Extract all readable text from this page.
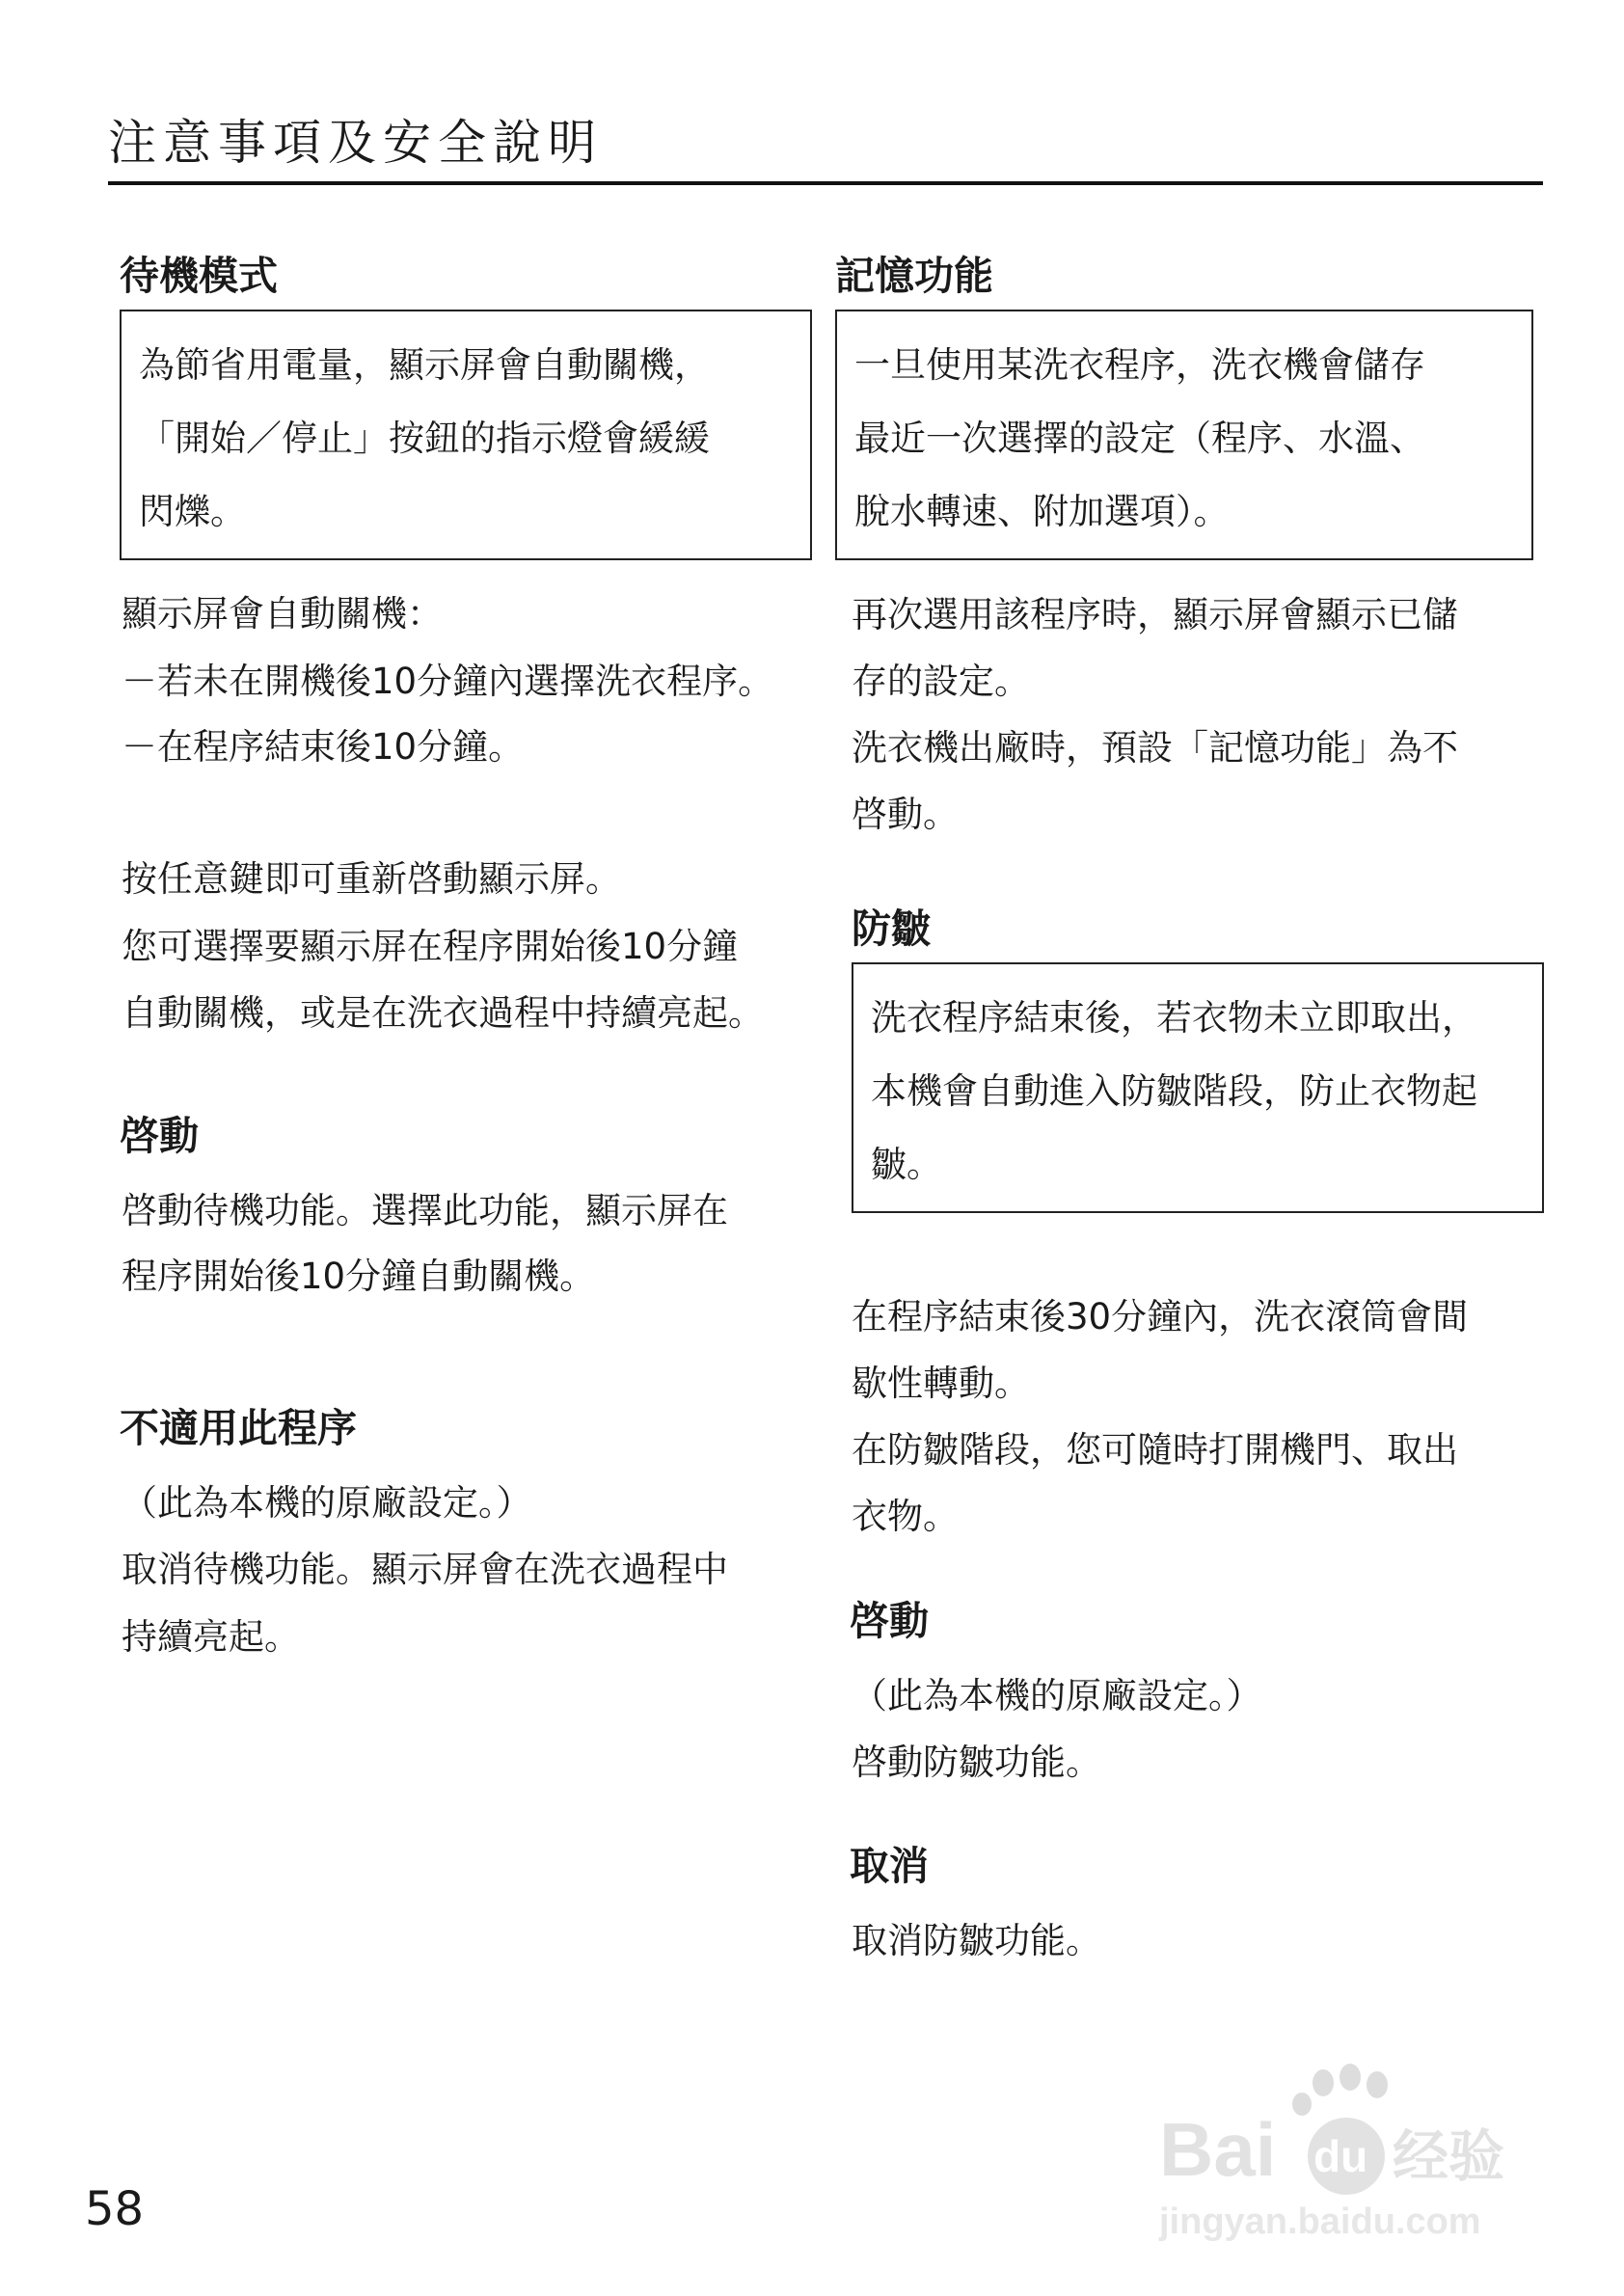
注意事項及安全說明
待機模式
為節省用電量，顯示屏會自動關機，
「開始／停止」按鈕的指示燈會緩緩
閃爍。
顯示屏會自動關機：
－若未在開機後10分鐘內選擇洗衣程序。
－在程序結束後10分鐘。
按任意鍵即可重新啓動顯示屏。
您可選擇要顯示屏在程序開始後10分鐘
自動關機，或是在洗衣過程中持續亮起。
啓動
啓動待機功能。選擇此功能，顯示屏在
程序開始後10分鐘自動關機。
不適用此程序
（此為本機的原廠設定。）
取消待機功能。顯示屏會在洗衣過程中
持續亮起。
記憶功能
一旦使用某洗衣程序，洗衣機會儲存
最近一次選擇的設定（程序、水溫、
脫水轉速、附加選項）。
再次選用該程序時，顯示屏會顯示已儲
存的設定。
洗衣機出廠時，預設「記憶功能」為不
啓動。
防皺
洗衣程序結束後，若衣物未立即取出，
本機會自動進入防皺階段，防止衣物起
皺。
在程序結束後30分鐘內，洗衣滾筒會間
歇性轉動。
在防皺階段，您可隨時打開機門、取出
衣物。
啓動
（此為本機的原廠設定。）
啓動防皺功能。
取消
取消防皺功能。
58
Bai du 经验
jingyan.baidu.com
